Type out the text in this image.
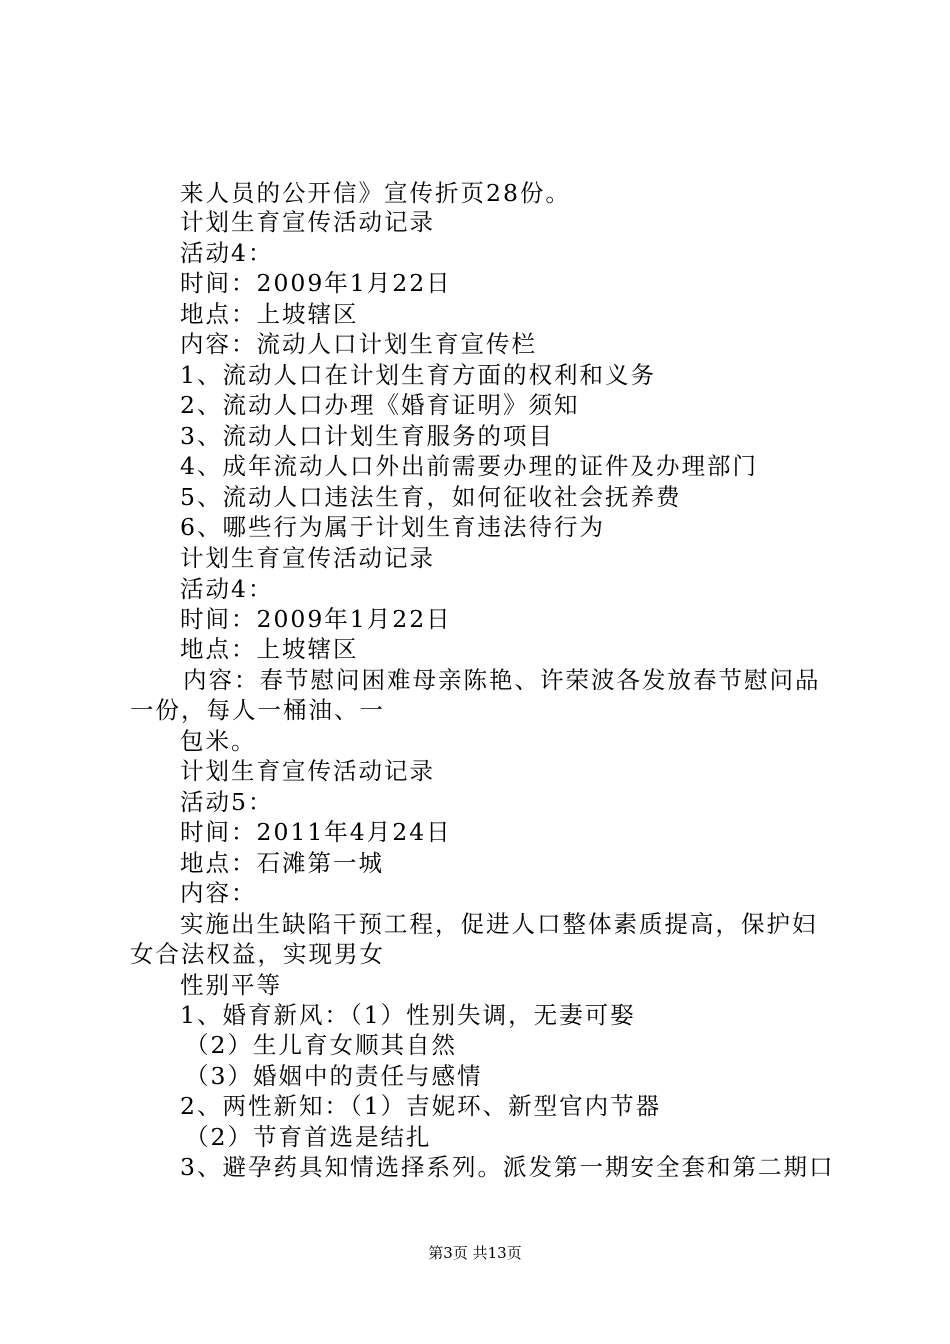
来人员的公开信》宣传折页28份。
计划生育宣传活动记录
活动4：
时间：2009年1月22日
地点：上坡辖区
内容：流动人口计划生育宣传栏
1、流动人口在计划生育方面的权利和义务
2、流动人口办理《婚育证明》须知
3、流动人口计划生育服务的项目
4、成年流动人口外出前需要办理的证件及办理部门
5、流动人口违法生育，如何征收社会抚养费
6、哪些行为属于计划生育违法待行为
计划生育宣传活动记录
活动4：
时间：2009年1月22日
地点：上坡辖区
内容：春节慰问困难母亲陈艳、许荣波各发放春节慰问品
一份，每人一桶油、一
包米。
计划生育宣传活动记录
活动5：
时间：2011年4月24日
地点：石滩第一城
内容：
实施出生缺陷干预工程，促进人口整体素质提高，保护妇
女合法权益，实现男女
性别平等
1、婚育新风：（1）性别失调，无妻可娶
（2）生儿育女顺其自然
（3）婚姻中的责任与感情
2、两性新知：（1）吉妮环、新型官内节器
（2）节育首选是结扎
3、避孕药具知情选择系列。派发第一期安全套和第二期口
第3页 共13页
